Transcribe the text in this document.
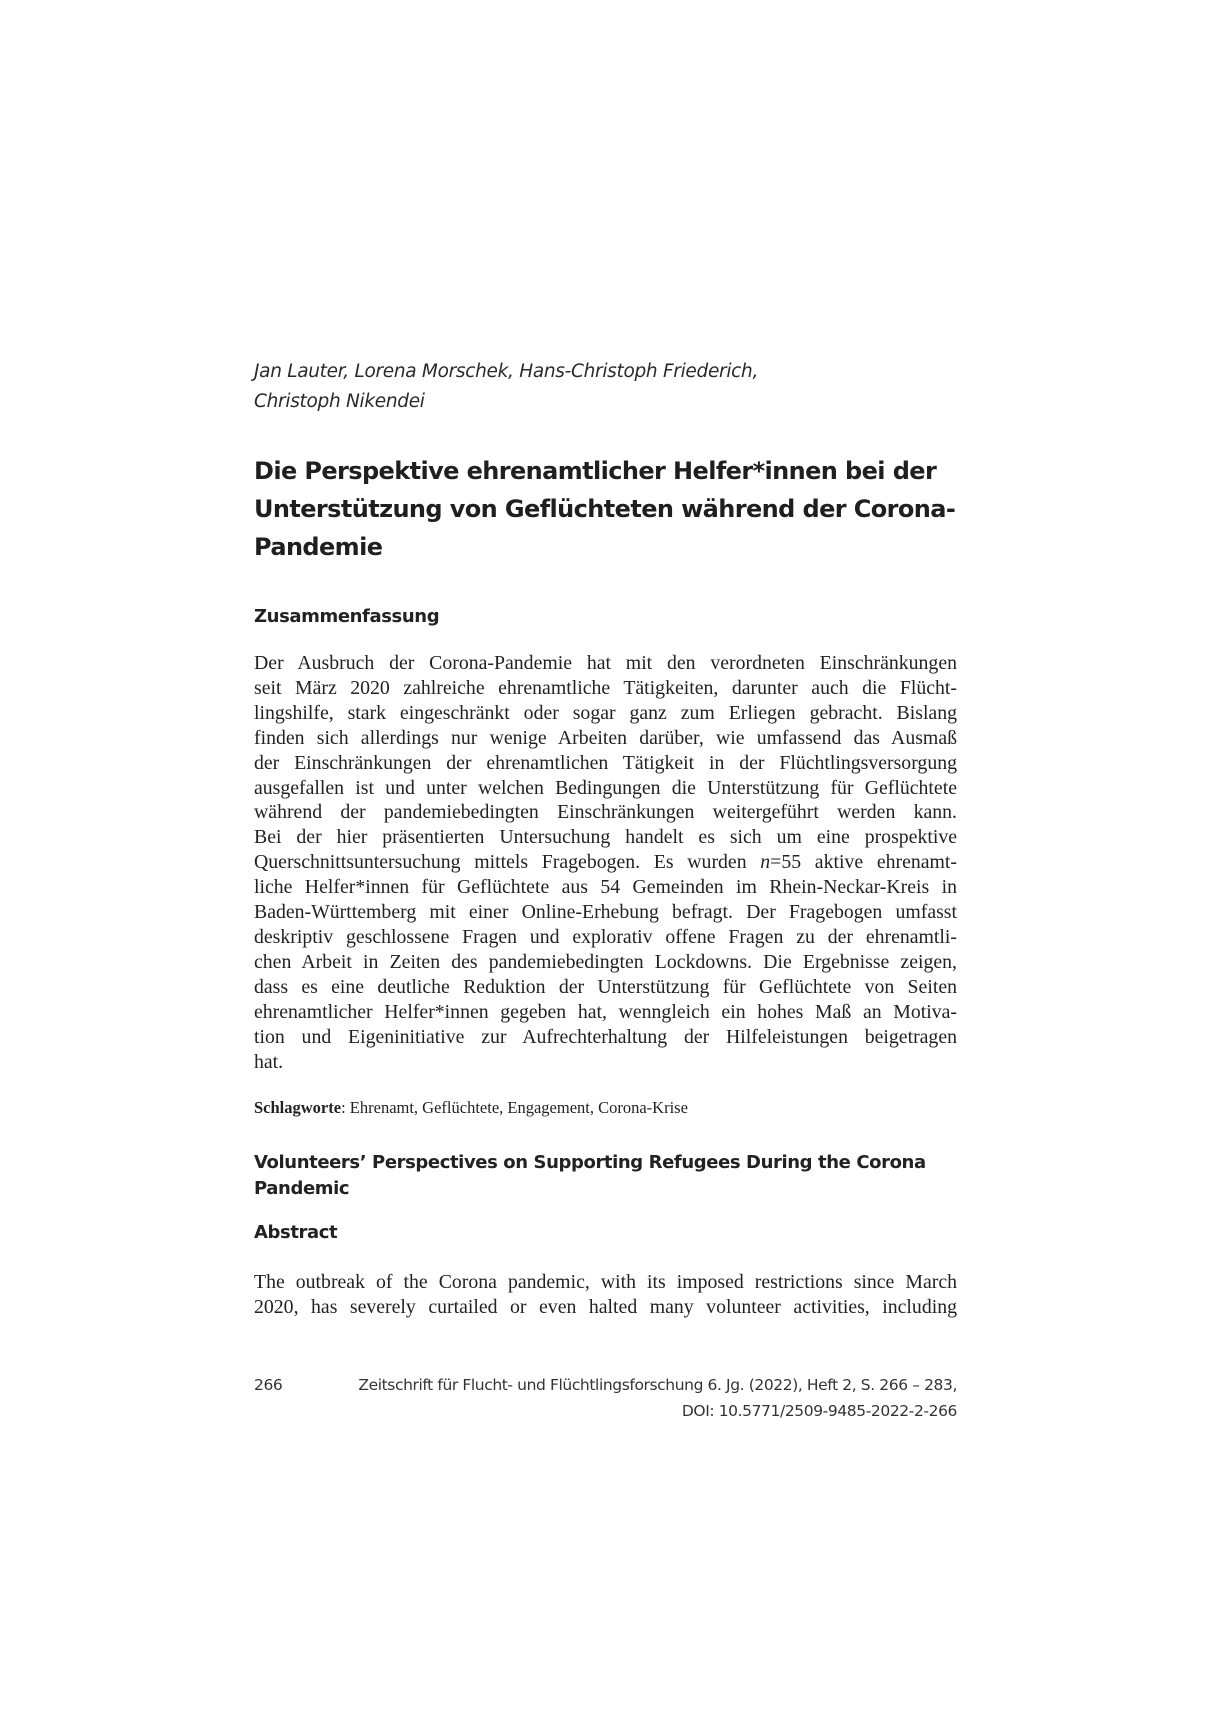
Jan Lauter, Lorena Morschek, Hans-Christoph Friederich,
Christoph Nikendei
Die Perspektive ehrenamtlicher Helfer*innen bei der
Unterstützung von Geflüchteten während der Corona-
Pandemie
Zusammenfassung
Der Ausbruch der Corona-Pandemie hat mit den verordneten Einschränkungen
seit März 2020 zahlreiche ehrenamtliche Tätigkeiten, darunter auch die Flücht-
lingshilfe, stark eingeschränkt oder sogar ganz zum Erliegen gebracht. Bislang
finden sich allerdings nur wenige Arbeiten darüber, wie umfassend das Ausmaß
der Einschränkungen der ehrenamtlichen Tätigkeit in der Flüchtlingsversorgung
ausgefallen ist und unter welchen Bedingungen die Unterstützung für Geflüchtete
während der pandemiebedingten Einschränkungen weitergeführt werden kann.
Bei der hier präsentierten Untersuchung handelt es sich um eine prospektive
Querschnittsuntersuchung mittels Fragebogen. Es wurden n=55 aktive ehrenamt-
liche Helfer*innen für Geflüchtete aus 54 Gemeinden im Rhein-Neckar-Kreis in
Baden-Württemberg mit einer Online-Erhebung befragt. Der Fragebogen umfasst
deskriptiv geschlossene Fragen und explorativ offene Fragen zu der ehrenamtli-
chen Arbeit in Zeiten des pandemiebedingten Lockdowns. Die Ergebnisse zeigen,
dass es eine deutliche Reduktion der Unterstützung für Geflüchtete von Seiten
ehrenamtlicher Helfer*innen gegeben hat, wenngleich ein hohes Maß an Motiva-
tion und Eigeninitiative zur Aufrechterhaltung der Hilfeleistungen beigetragen
hat.
Schlagworte: Ehrenamt, Geflüchtete, Engagement, Corona-Krise
Volunteers’ Perspectives on Supporting Refugees During the Corona
Pandemic
Abstract
The outbreak of the Corona pandemic, with its imposed restrictions since March
2020, has severely curtailed or even halted many volunteer activities, including
266	Zeitschrift für Flucht- und Flüchtlingsforschung 6. Jg. (2022), Heft 2, S. 266 – 283,
DOI: 10.5771/2509-9485-2022-2-266
